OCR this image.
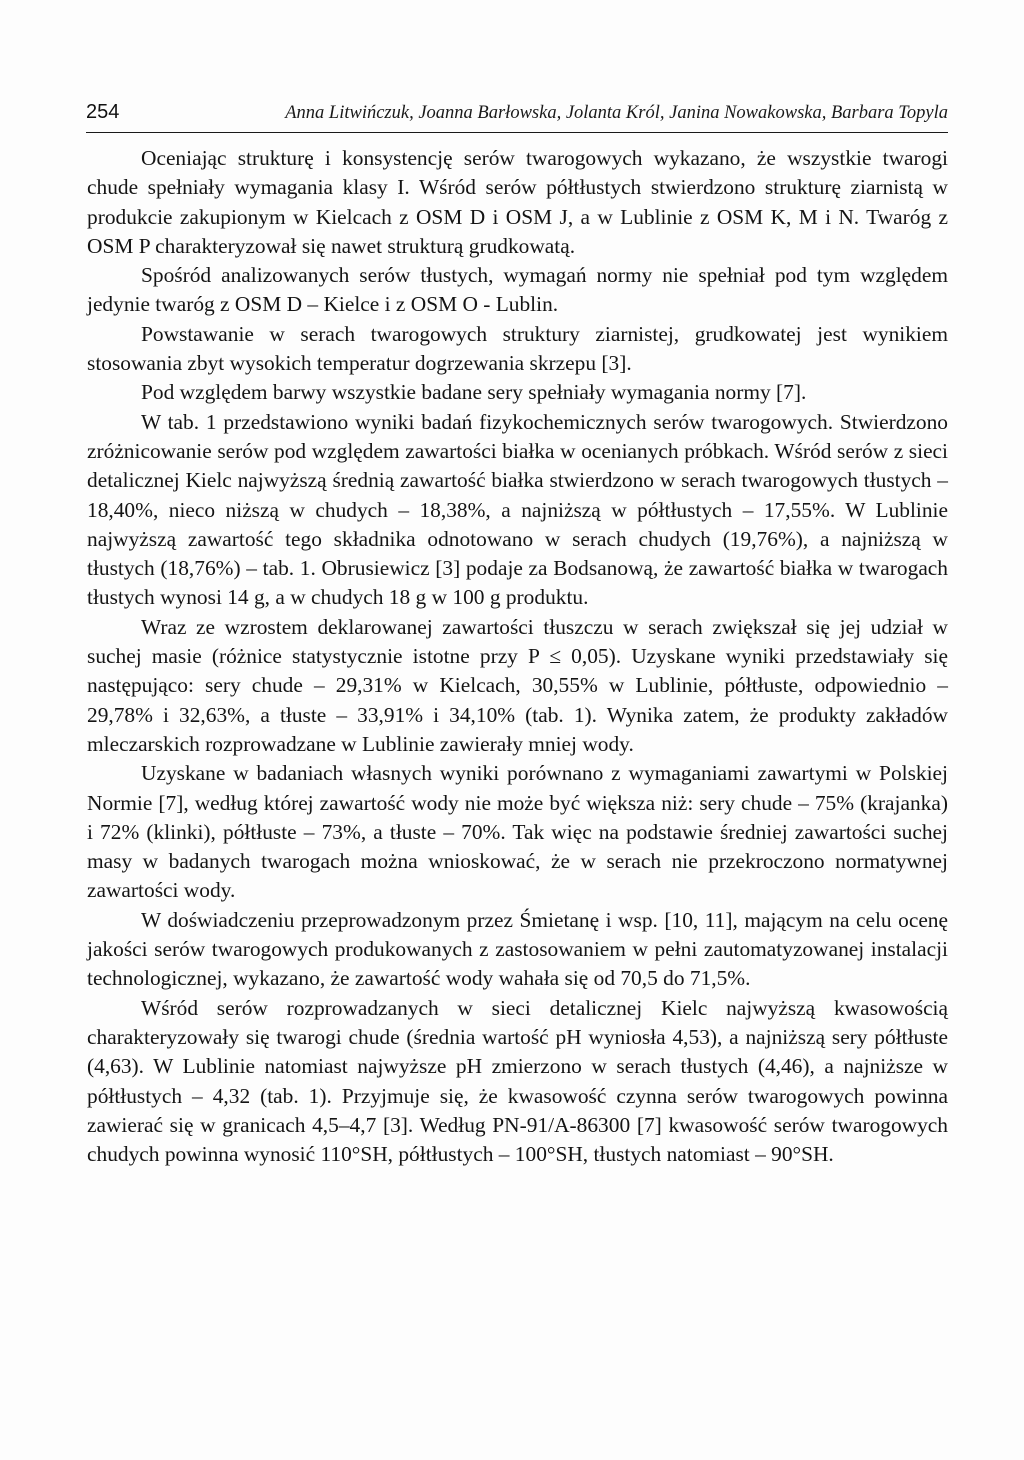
254	Anna Litwińczuk, Joanna Barłowska, Jolanta Król, Janina Nowakowska, Barbara Topyla

Oceniając strukturę i konsystencję serów twarogowych wykazano, że wszystkie twarogi chude spełniały wymagania klasy I. Wśród serów półtłustych stwierdzono strukturę ziarnistą w produkcie zakupionym w Kielcach z OSM D i OSM J, a w Lublinie z OSM K, M i N. Twaróg z OSM P charakteryzował się nawet strukturą grudkowatą.

Spośród analizowanych serów tłustych, wymagań normy nie spełniał pod tym względem jedynie twaróg z OSM D – Kielce i z OSM O - Lublin.

Powstawanie w serach twarogowych struktury ziarnistej, grudkowatej jest wynikiem stosowania zbyt wysokich temperatur dogrzewania skrzepu [3].

Pod względem barwy wszystkie badane sery spełniały wymagania normy [7].

W tab. 1 przedstawiono wyniki badań fizykochemicznych serów twarogowych. Stwierdzono zróżnicowanie serów pod względem zawartości białka w ocenianych próbkach. Wśród serów z sieci detalicznej Kielc najwyższą średnią zawartość białka stwierdzono w serach twarogowych tłustych – 18,40%, nieco niższą w chudych – 18,38%, a najniższą w półtłustych – 17,55%. W Lublinie najwyższą zawartość tego składnika odnotowano w serach chudych (19,76%), a najniższą w tłustych (18,76%) – tab. 1. Obrusiewicz [3] podaje za Bodsanową, że zawartość białka w twarogach tłustych wynosi 14 g, a w chudych 18 g w 100 g produktu.

Wraz ze wzrostem deklarowanej zawartości tłuszczu w serach zwiększał się jej udział w suchej masie (różnice statystycznie istotne przy P ≤ 0,05). Uzyskane wyniki przedstawiały się następująco: sery chude – 29,31% w Kielcach, 30,55% w Lublinie, półtłuste, odpowiednio – 29,78% i 32,63%, a tłuste – 33,91% i 34,10% (tab. 1). Wynika zatem, że produkty zakładów mleczarskich rozprowadzane w Lublinie zawierały mniej wody.

Uzyskane w badaniach własnych wyniki porównano z wymaganiami zawartymi w Polskiej Normie [7], według której zawartość wody nie może być większa niż: sery chude – 75% (krajanka) i 72% (klinki), półtłuste – 73%, a tłuste – 70%. Tak więc na podstawie średniej zawartości suchej masy w badanych twarogach można wnioskować, że w serach nie przekroczono normatywnej zawartości wody.

W doświadczeniu przeprowadzonym przez Śmietanę i wsp. [10, 11], mającym na celu ocenę jakości serów twarogowych produkowanych z zastosowaniem w pełni zautomatyzowanej instalacji technologicznej, wykazano, że zawartość wody wahała się od 70,5 do 71,5%.

Wśród serów rozprowadzanych w sieci detalicznej Kielc najwyższą kwasowością charakteryzowały się twarogi chude (średnia wartość pH wyniosła 4,53), a najniższą sery półtłuste (4,63). W Lublinie natomiast najwyższe pH zmierzono w serach tłustych (4,46), a najniższe w półtłustych – 4,32 (tab. 1). Przyjmuje się, że kwasowość czynna serów twarogowych powinna zawierać się w granicach 4,5–4,7 [3]. Według PN-91/A-86300 [7] kwasowość serów twarogowych chudych powinna wynosić 110°SH, półtłustych – 100°SH, tłustych natomiast – 90°SH.
